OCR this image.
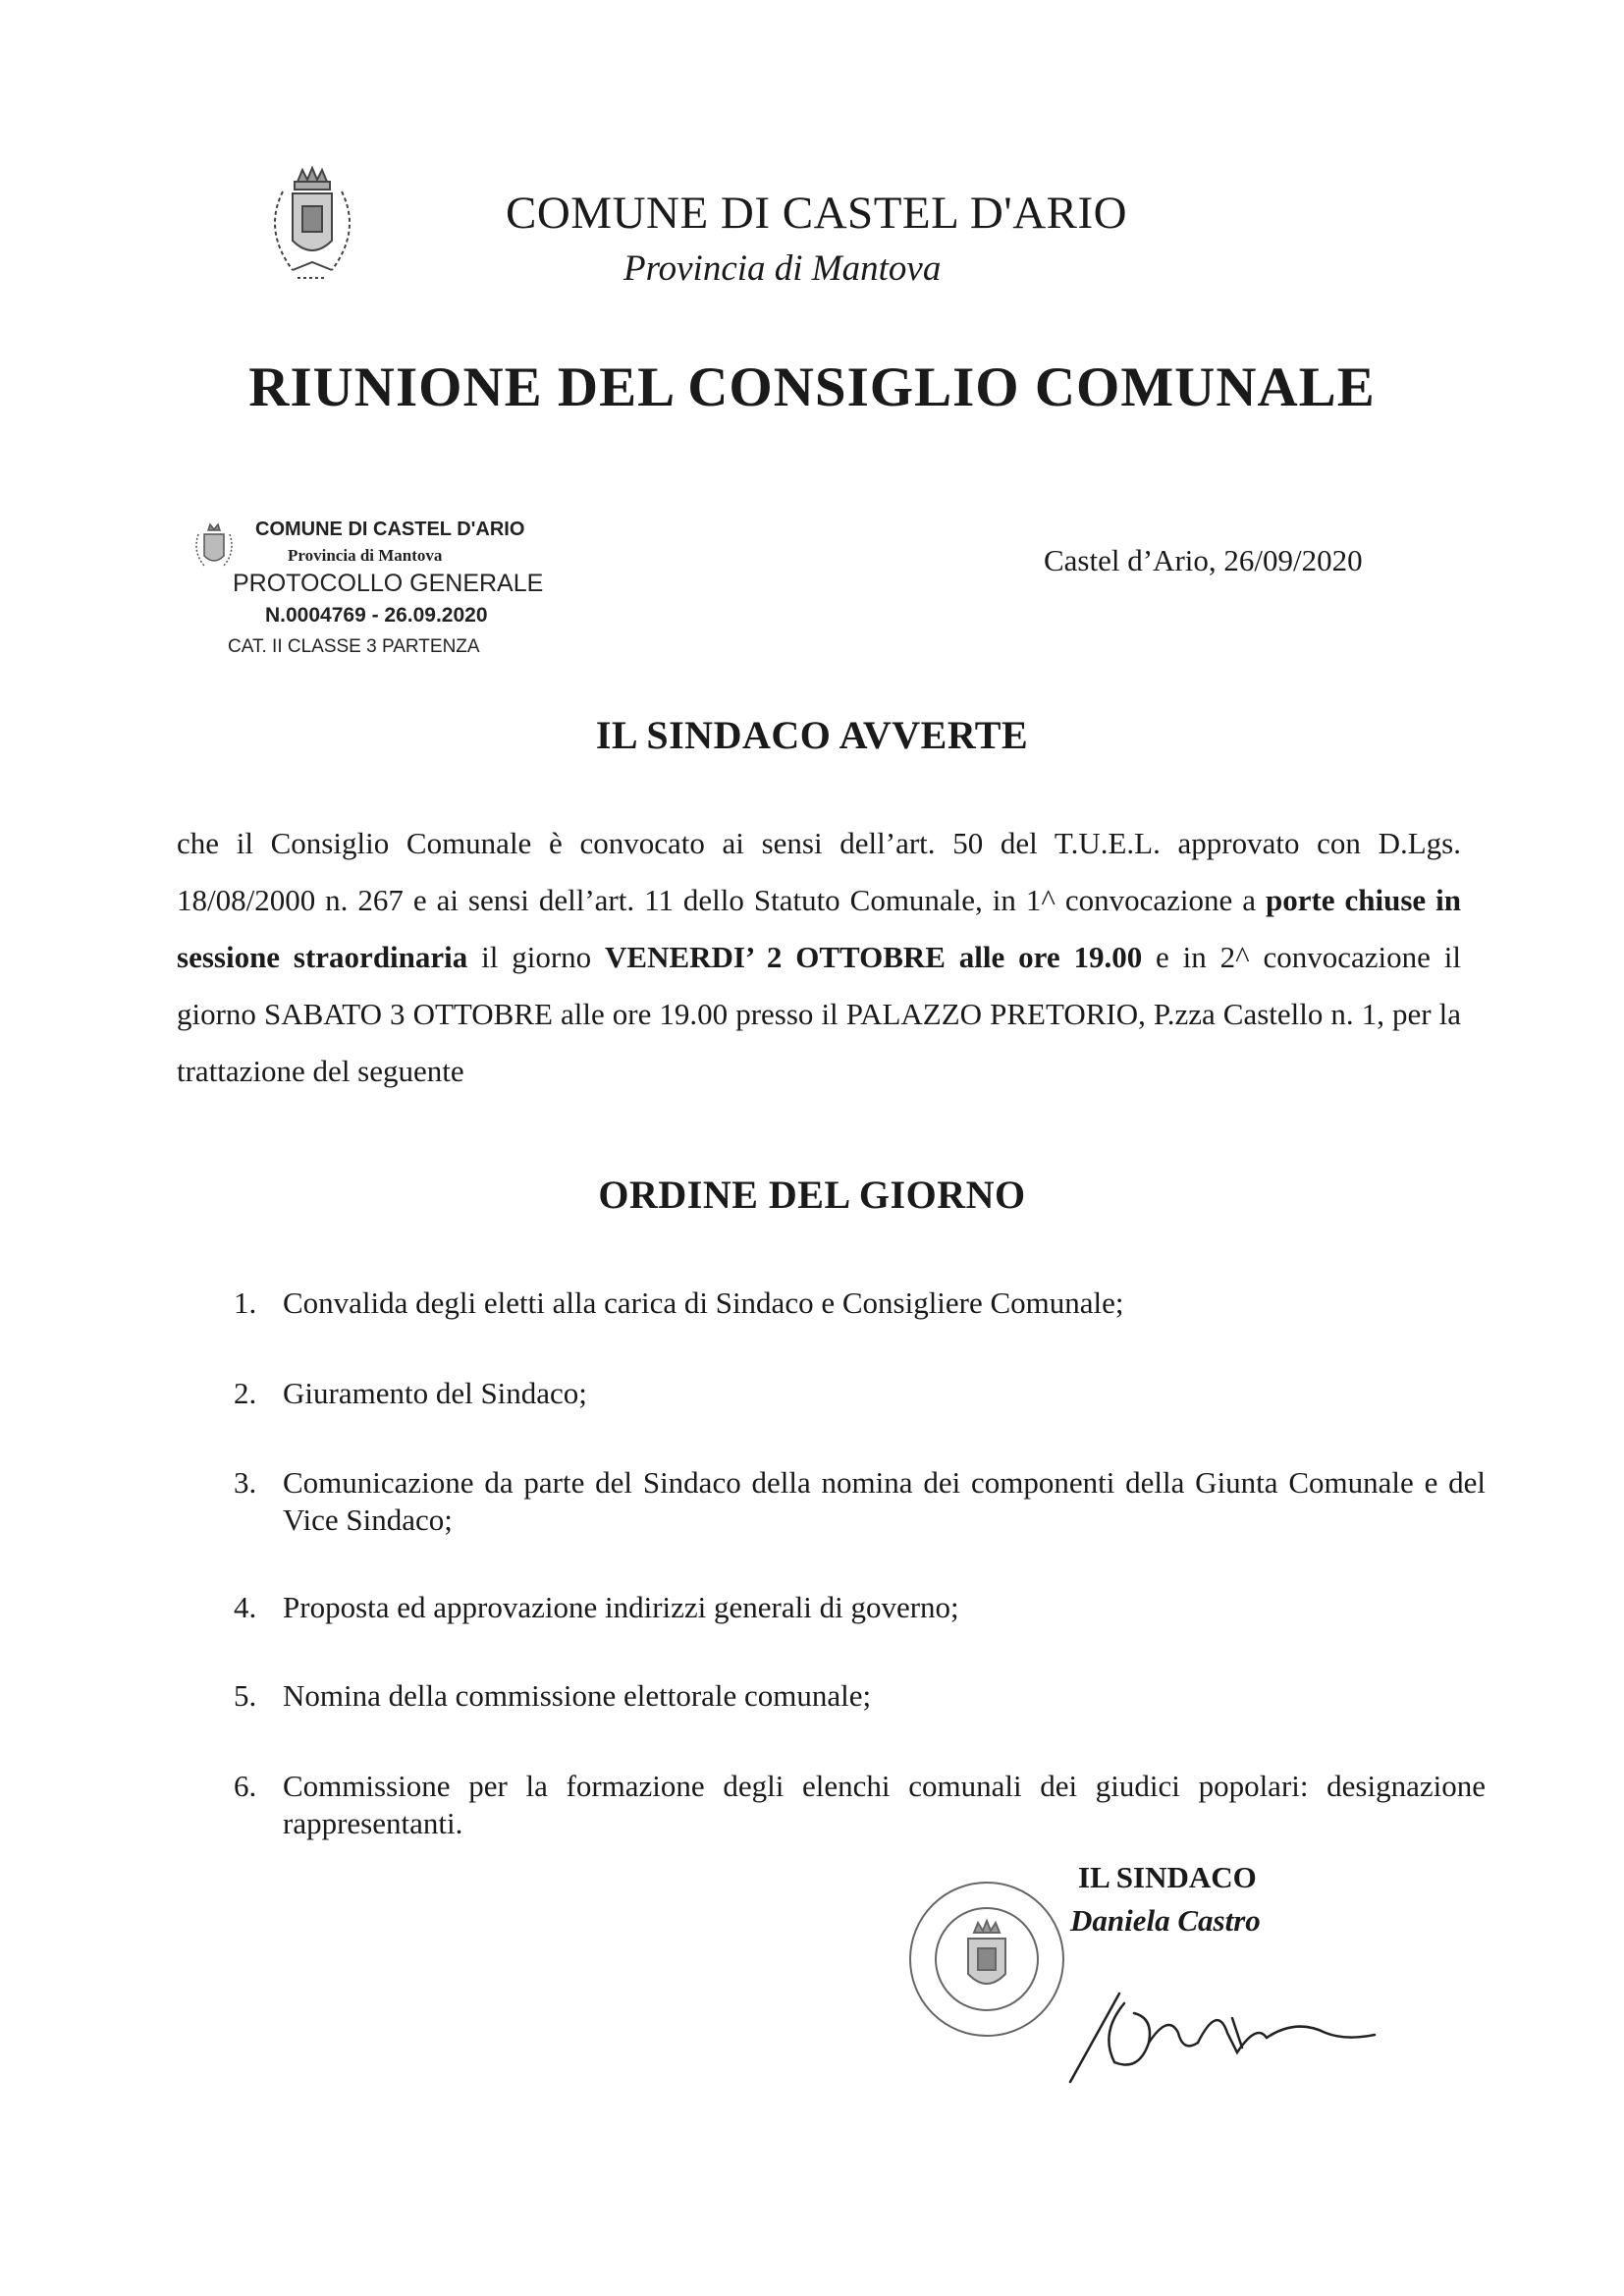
COMUNE DI CASTEL D'ARIO
Provincia di Mantova
RIUNIONE DEL CONSIGLIO COMUNALE
COMUNE DI CASTEL D'ARIO
Provincia di Mantova
PROTOCOLLO GENERALE
N.0004769 - 26.09.2020
CAT. II CLASSE 3 PARTENZA
Castel d’Ario, 26/09/2020
IL SINDACO AVVERTE
che il Consiglio Comunale è convocato ai sensi dell’art. 50 del T.U.E.L. approvato con D.Lgs. 18/08/2000 n. 267 e ai sensi dell’art. 11 dello Statuto Comunale, in 1^ convocazione a porte chiuse in sessione straordinaria il giorno VENERDI’ 2 OTTOBRE alle ore 19.00 e in 2^ convocazione il giorno SABATO 3 OTTOBRE alle ore 19.00 presso il PALAZZO PRETORIO, P.zza Castello n. 1, per la trattazione del seguente
ORDINE DEL GIORNO
1. Convalida degli eletti alla carica di Sindaco e Consigliere Comunale;
2. Giuramento del Sindaco;
3. Comunicazione da parte del Sindaco della nomina dei componenti della Giunta Comunale e del Vice Sindaco;
4. Proposta ed approvazione indirizzi generali di governo;
5. Nomina della commissione elettorale comunale;
6. Commissione per la formazione degli elenchi comunali dei giudici popolari: designazione rappresentanti.
IL SINDACO
Daniela Castro
